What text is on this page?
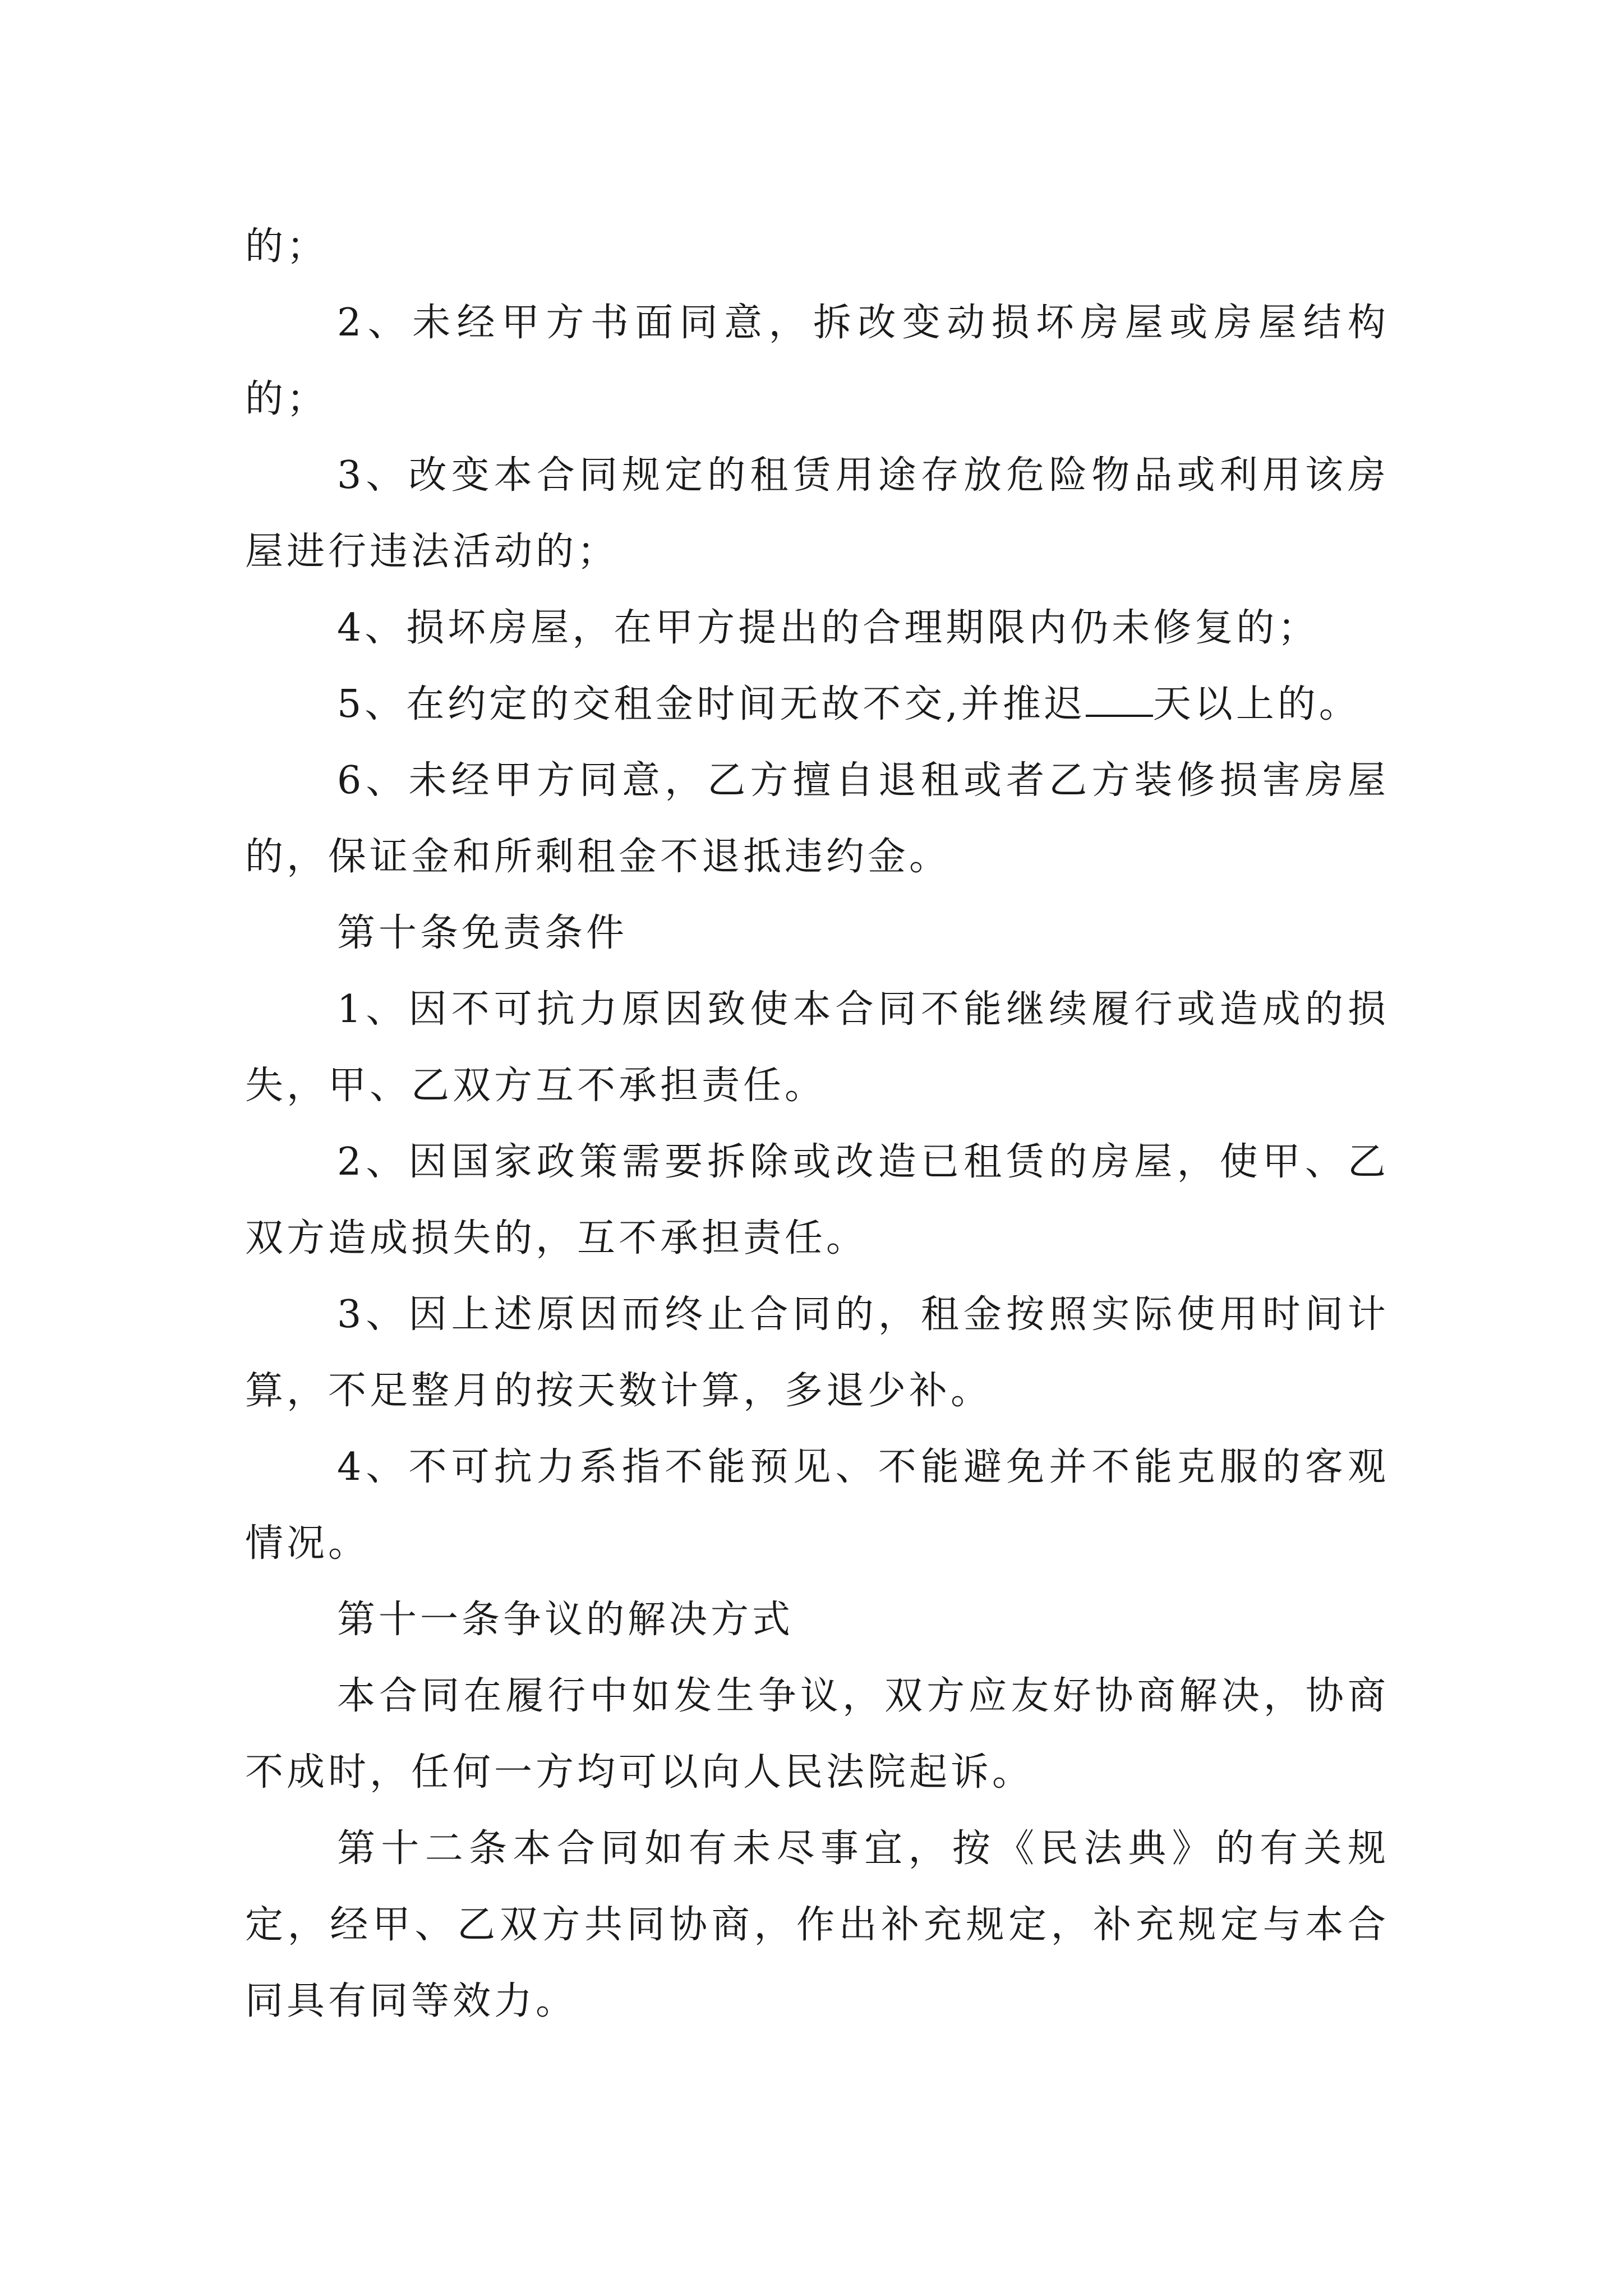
的；

2、未经甲方书面同意，拆改变动损坏房屋或房屋结构的；

3、改变本合同规定的租赁用途存放危险物品或利用该房屋进行违法活动的；

4、损坏房屋，在甲方提出的合理期限内仍未修复的；

5、在约定的交租金时间无故不交,并推迟 天以上的。

6、未经甲方同意，乙方擅自退租或者乙方装修损害房屋的，保证金和所剩租金不退抵违约金。

第十条免责条件

1、因不可抗力原因致使本合同不能继续履行或造成的损失，甲、乙双方互不承担责任。

2、因国家政策需要拆除或改造已租赁的房屋，使甲、乙双方造成损失的，互不承担责任。

3、因上述原因而终止合同的，租金按照实际使用时间计算，不足整月的按天数计算，多退少补。

4、不可抗力系指不能预见、不能避免并不能克服的客观情况。

第十一条争议的解决方式

本合同在履行中如发生争议，双方应友好协商解决，协商不成时，任何一方均可以向人民法院起诉。

第十二条本合同如有未尽事宜，按《民法典》的有关规定，经甲、乙双方共同协商，作出补充规定，补充规定与本合同具有同等效力。
